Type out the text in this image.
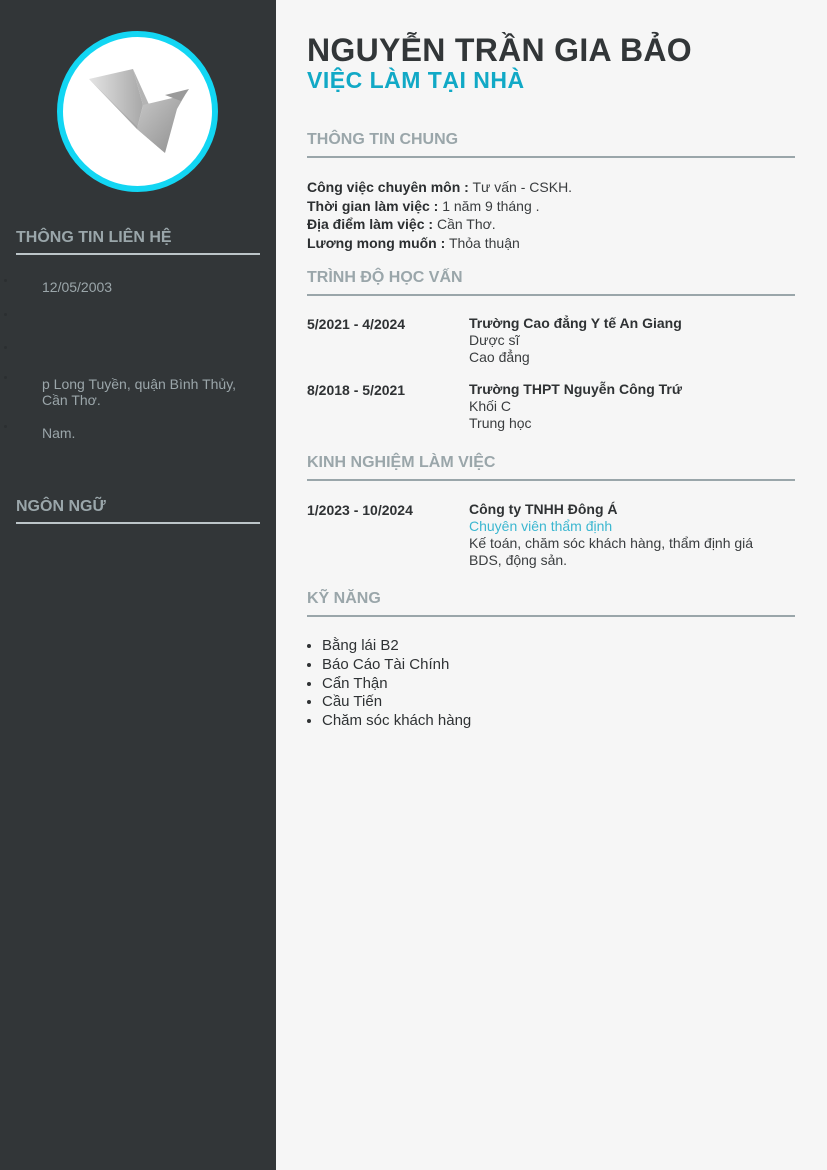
THÔNG TIN LIÊN HỆ
12/05/2003
p Long Tuyền, quận Bình Thủy, Cần Thơ.
Nam.
NGÔN NGỮ
NGUYỄN TRẦN GIA BẢO
VIỆC LÀM TẠI NHÀ
THÔNG TIN CHUNG
Công việc chuyên môn : Tư vấn - CSKH.
Thời gian làm việc : 1 năm 9 tháng .
Địa điểm làm việc : Cần Thơ.
Lương mong muốn : Thỏa thuận
TRÌNH ĐỘ HỌC VẤN
5/2021 - 4/2024	Trường Cao đẳng Y tế An Giang
Dược sĩ
Cao đẳng
8/2018 - 5/2021	Trường THPT Nguyễn Công Trứ
Khối C
Trung học
KINH NGHIỆM LÀM VIỆC
1/2023 - 10/2024	Công ty TNHH Đông Á
Chuyên viên thẩm định
Kế toán, chăm sóc khách hàng, thẩm định giá BDS, động sản.
KỸ NĂNG
• Bằng lái B2
• Báo Cáo Tài Chính
• Cẩn Thận
• Cầu Tiến
• Chăm sóc khách hàng
